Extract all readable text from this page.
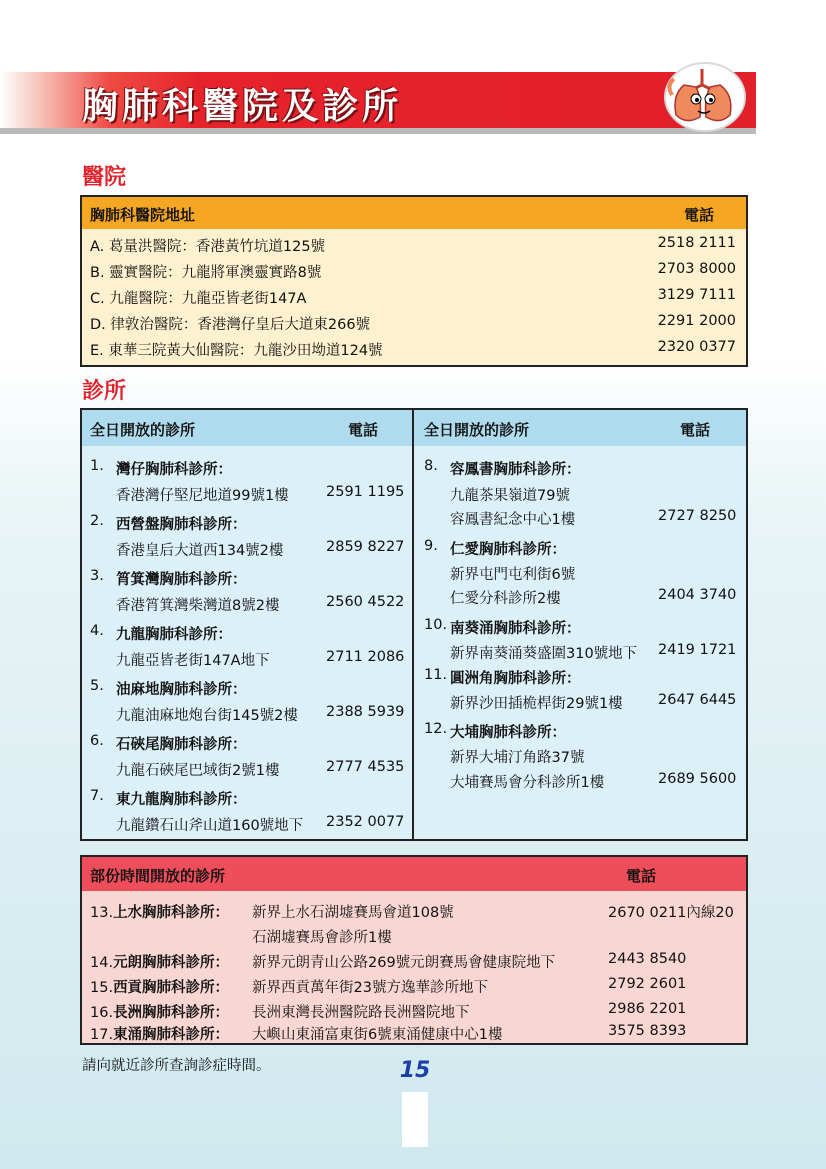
胸肺科醫院及診所
醫院
胸肺科醫院地址	電話
A. 葛量洪醫院：香港黃竹坑道125號	2518 2111
B. 靈實醫院：九龍將軍澳靈實路8號	2703 8000
C. 九龍醫院：九龍亞皆老街147A	3129 7111
D. 律敦治醫院：香港灣仔皇后大道東266號	2291 2000
E. 東華三院黃大仙醫院：九龍沙田坳道124號	2320 0377
診所
全日開放的診所	電話	全日開放的診所	電話
1. 灣仔胸肺科診所：
香港灣仔堅尼地道99號1樓	2591 1195
2. 西營盤胸肺科診所：
香港皇后大道西134號2樓	2859 8227
3. 筲箕灣胸肺科診所：
香港筲箕灣柴灣道8號2樓	2560 4522
4. 九龍胸肺科診所：
九龍亞皆老街147A地下	2711 2086
5. 油麻地胸肺科診所：
九龍油麻地炮台街145號2樓 2388 5939
6. 石硤尾胸肺科診所：
九龍石硤尾巴域街2號1樓	2777 4535
7. 東九龍胸肺科診所：
九龍鑽石山斧山道160號地下 2352 0077
8. 容鳳書胸肺科診所：
九龍茶果嶺道79號
容鳳書紀念中心1樓	2727 8250
9. 仁愛胸肺科診所：
新界屯門屯利街6號
仁愛分科診所2樓	2404 3740
10. 南葵涌胸肺科診所：
新界南葵涌葵盛圍310號地下 2419 1721
11. 圓洲角胸肺科診所：
新界沙田插桅桿街29號1樓 2647 6445
12. 大埔胸肺科診所：
新界大埔汀角路37號
大埔賽馬會分科診所1樓	2689 5600
部份時間開放的診所	電話
13.上水胸肺科診所： 新界上水石湖墟賽馬會道108號
石湖墟賽馬會診所1樓
2670 0211內線20
14.元朗胸肺科診所： 新界元朗青山公路269號元朗賽馬會健康院地下	2443 8540
15.西貢胸肺科診所： 新界西貢萬年街23號方逸華診所地下	2792 2601
16.長洲胸肺科診所： 長洲東灣長洲醫院路長洲醫院地下	2986 2201
17.東涌胸肺科診所： 大嶼山東涌富東街6號東涌健康中心1樓	3575 8393
請向就近診所查詢診症時間。	15
